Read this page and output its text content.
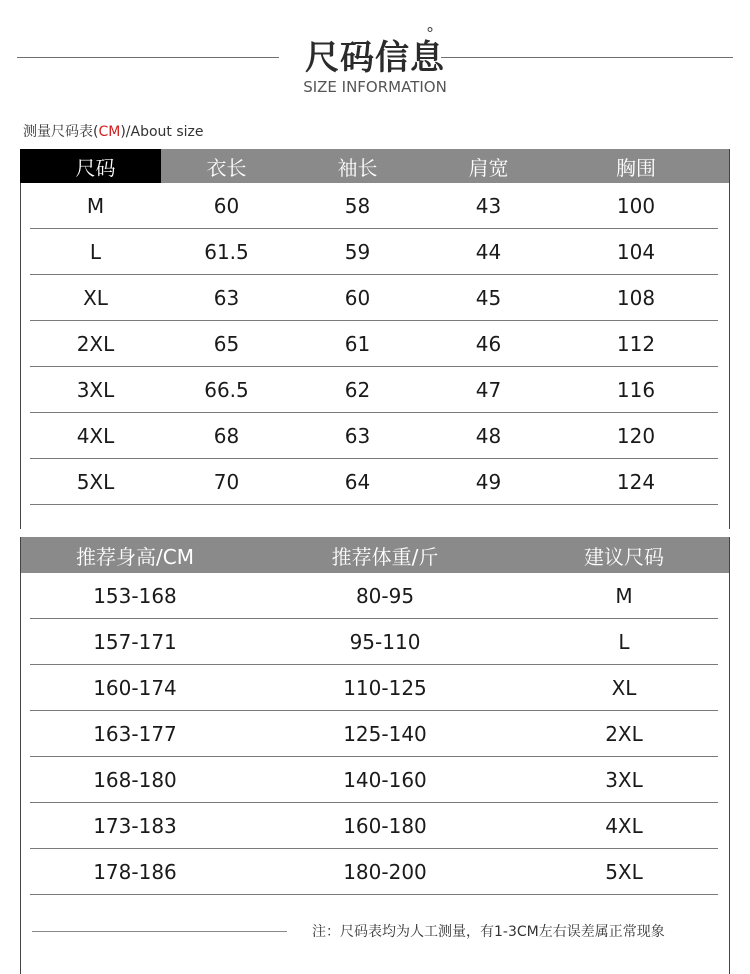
尺码信息
°
SIZE INFORMATION
测量尺码表(CM)/About size
尺码	衣长	袖长	肩宽	胸围
M	60	58	43	100
L	61.5	59	44	104
XL	63	60	45	108
2XL	65	61	46	112
3XL	66.5	62	47	116
4XL	68	63	48	120
5XL	70	64	49	124
推荐身高/CM	推荐体重/斤	建议尺码
153-168	80-95	M
157-171	95-110	L
160-174	110-125	XL
163-177	125-140	2XL
168-180	140-160	3XL
173-183	160-180	4XL
178-186	180-200	5XL
注：尺码表均为人工测量，有1-3CM左右误差属正常现象
